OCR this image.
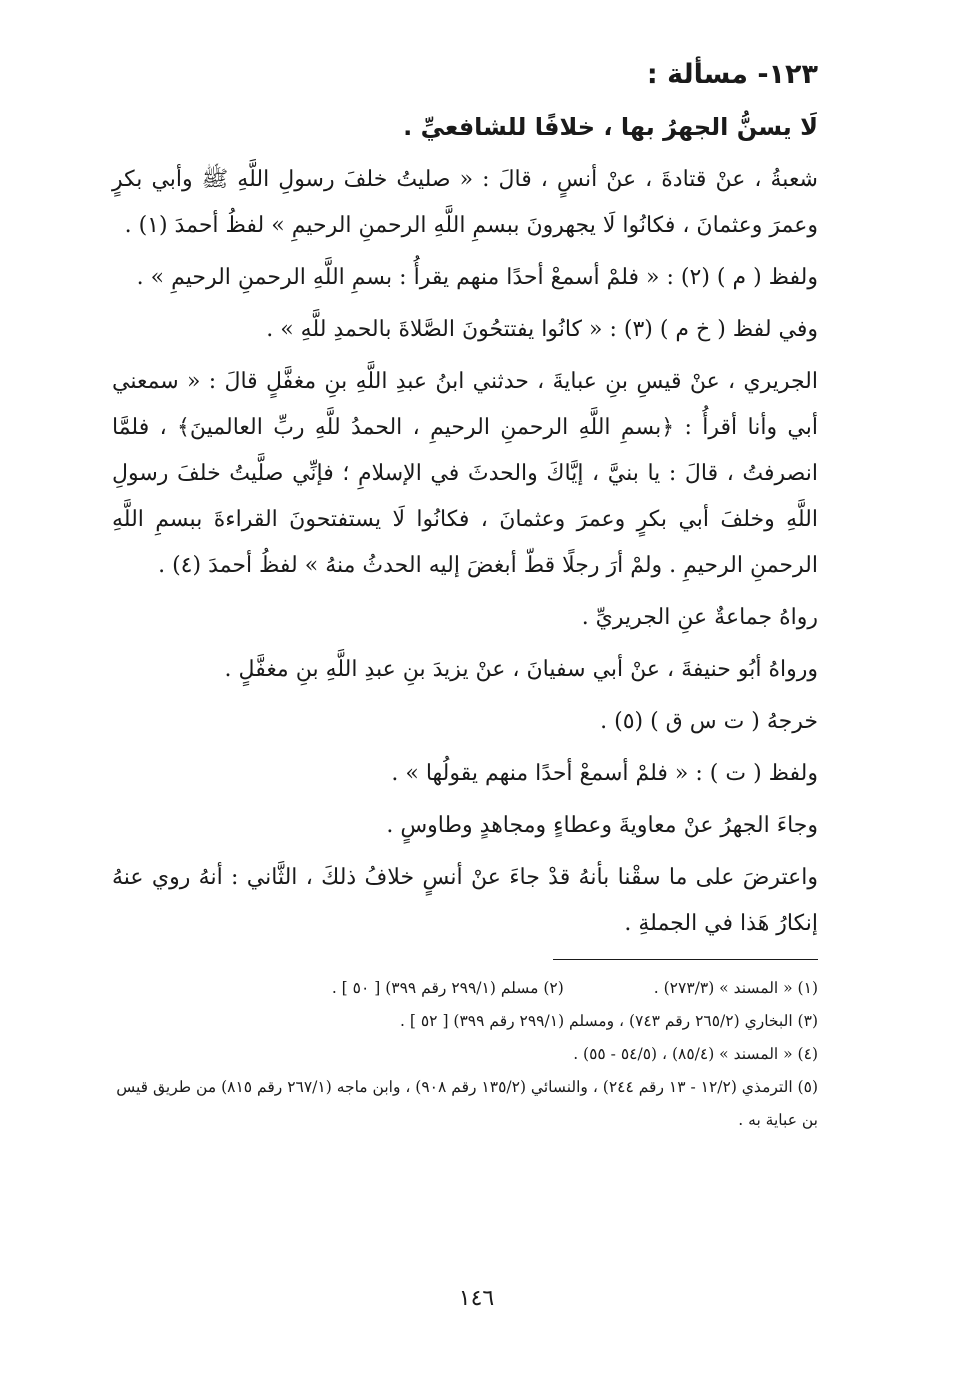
١٢٣- مسألة :
لَا يسنُّ الجهرُ بها ، خلافًا للشافعيِّ .

شعبةُ ، عنْ قتادةَ ، عنْ أنسٍ ، قالَ : « صليتُ خلفَ رسولِ اللَّهِ ﷺ وأبي بكرٍ وعمرَ وعثمانَ ، فكانُوا لَا يجهرونَ ببسمِ اللَّهِ الرحمنِ الرحيمِ » لفظُ أحمدَ (١) .

ولفظ ( م ) (٢) : « فلمْ أسمعْ أحدًا منهم يقرأُ : بسمِ اللَّهِ الرحمنِ الرحيمِ » .

وفي لفظ ( خ م ) (٣) : « كانُوا يفتتحُونَ الصَّلاةَ بالحمدِ للَّهِ » .

الجريري ، عنْ قيسِ بنِ عبايةَ ، حدثني ابنُ عبدِ اللَّهِ بنِ مغفَّلٍ قالَ : « سمعني أبي وأنا أقرأُ : ﴿بسمِ اللَّهِ الرحمنِ الرحيمِ ، الحمدُ للَّهِ ربِّ العالمينَ﴾ ، فلمَّا انصرفتُ ، قالَ : يا بنيَّ ، إيَّاكَ والحدثَ في الإسلامِ ؛ فإنِّي صلَّيتُ خلفَ رسولِ اللَّهِ وخلفَ أبي بكرٍ وعمرَ وعثمانَ ، فكانُوا لَا يستفتحونَ القراءةَ ببسمِ اللَّهِ الرحمنِ الرحيمِ . ولمْ أرَ رجلًا قطّ أبغضَ إليه الحدثُ منهُ » لفظُ أحمدَ (٤) .

رواهُ جماعةٌ عنِ الجريريِّ .

ورواهُ أبُو حنيفةَ ، عنْ أبي سفيانَ ، عنْ يزيدَ بنِ عبدِ اللَّهِ بنِ مغفَّلٍ .

خرجهُ ( ت س ق ) (٥) .

ولفظ ( ت ) : « فلمْ أسمعْ أحدًا منهم يقولُها » .

وجاءَ الجهرُ عنْ معاويةَ وعطاءٍ ومجاهدٍ وطاوسٍ .

واعترضَ على ما سقْنا بأنهُ قدْ جاءَ عنْ أنسٍ خلافُ ذلكَ ، الثَّاني : أنهُ روي عنهُ إنكارُ هَذا في الجملةِ .

(١) « المسند » (٢٧٣/٣) .
(٢) مسلم (٢٩٩/١ رقم ٣٩٩) [ ٥٠ ] .
(٣) البخاري (٢٦٥/٢ رقم ٧٤٣) ، ومسلم (٢٩٩/١ رقم ٣٩٩) [ ٥٢ ] .
(٤) « المسند » (٨٥/٤) ، (٥٤/٥ - ٥٥) .
(٥) الترمذي (١٢/٢ - ١٣ رقم ٢٤٤) ، والنسائي (١٣٥/٢ رقم ٩٠٨) ، وابن ماجه (٢٦٧/١ رقم ٨١٥) من طريق قيس بن عباية به .
١٤٦
